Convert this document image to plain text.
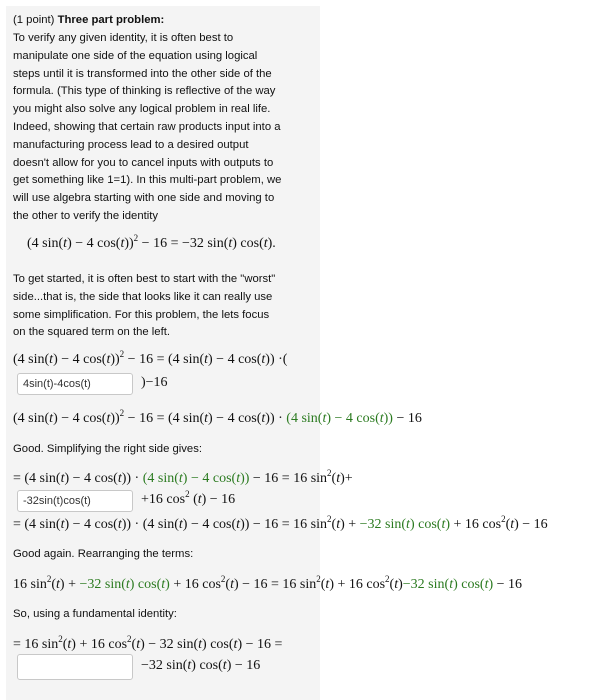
(1 point) Three part problem:
To verify any given identity, it is often best to
manipulate one side of the equation using logical
steps until it is transformed into the other side of the
formula. (This type of thinking is reflective of the way
you might also solve any logical problem in real life.
Indeed, showing that certain raw products input into a
manufacturing process lead to a desired output
doesn't allow for you to cancel inputs with outputs to
get something like 1=1). In this multi-part problem, we
will use algebra starting with one side and moving to
the other to verify the identity
(4 sin(t) − 4 cos(t))$^2$ − 16 = −32 sin(t) cos(t).
To get started, it is often best to start with the "worst"
side...that is, the side that looks like it can really use
some simplification. For this problem, the lets focus
on the squared term on the left.
(4 sin(t) − 4 cos(t))$^2$ − 16 = (4 sin(t) − 4 cos(t)) ·(
4sin(t)-4cos(t)	)−16
(4 sin(t) − 4 cos(t))$^2$ − 16 = (4 sin(t) − 4 cos(t)) · (4 sin(t) − 4 cos(t)) − 16
Good. Simplifying the right side gives:
= (4 sin(t) − 4 cos(t)) · (4 sin(t) − 4 cos(t)) − 16 = 16 $\sin^2(t)+$
-32sin(t)cos(t)	+16 $\cos^2 (t) - 16$
= (4 sin(t) − 4 cos(t)) · (4 sin(t) − 4 cos(t)) − 16 = 16 $\sin^2(t) + -32$ sin(t) cos(t) + 16 $\cos^2(t) - 16$
Good again. Rearranging the terms:
16 $\sin^2(t) + -32$ sin(t) cos(t) + 16 $\cos^2(t) - 16 = 16$ $\sin^2(t) + 16$ $\cos^2(t)-32$ sin(t) cos(t) − 16
So, using a fundamental identity:
= 16 $\sin^2(t) + 16$ $\cos^2(t) - 32$ sin(t) cos(t) − 16 =
−32 sin(t) cos(t) − 16
